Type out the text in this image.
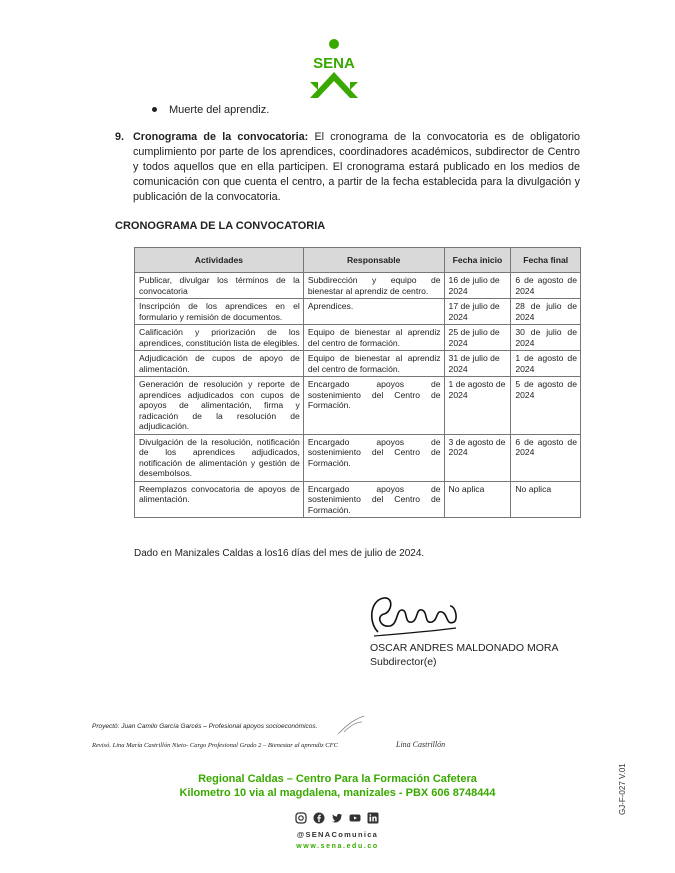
SENA
Muerte del aprendiz.
9. Cronograma de la convocatoria: El cronograma de la convocatoria es de obligatorio cumplimiento por parte de los aprendices, coordinadores académicos, subdirector de Centro y todos aquellos que en ella participen. El cronograma estará publicado en los medios de comunicación con que cuenta el centro, a partir de la fecha establecida para la divulgación y publicación de la convocatoria.
CRONOGRAMA DE LA CONVOCATORIA
Actividades	Responsable	Fecha inicio	Fecha final
Publicar, divulgar los términos de la convocatoria	Subdirección y equipo de bienestar al aprendiz de centro.	16 de julio de 2024	6 de agosto de 2024
Inscripción de los aprendices en el formulario y remisión de documentos.	Aprendices.	17 de julio de 2024	28 de julio de 2024
Calificación y priorización de los aprendices, constitución lista de elegibles.	Equipo de bienestar al aprendiz del centro de formación.	25 de julio de 2024	30 de julio de 2024
Adjudicación de cupos de apoyo de alimentación.	Equipo de bienestar al aprendiz del centro de formación.	31 de julio de 2024	1 de agosto de 2024
Generación de resolución y reporte de aprendices adjudicados con cupos de apoyos de alimentación, firma y radicación de la resolución de adjudicación.	Encargado apoyos de sostenimiento del Centro de Formación.	1 de agosto de 2024	5 de agosto de 2024
Divulgación de la resolución, notificación de los aprendices adjudicados, notificación de alimentación y gestión de desembolsos.	Encargado apoyos de sostenimiento del Centro de Formación.	3 de agosto de 2024	6 de agosto de 2024
Reemplazos convocatoria de apoyos de alimentación.	Encargado apoyos de sostenimiento del Centro de Formación.	No aplica	No aplica
Dado en Manizales Caldas a los16 días del mes de julio de 2024.
OSCAR ANDRES MALDONADO MORA
Subdirector(e)
Proyectó: Juan Camilo García Garcés – Profesional apoyos socioeconómicos.
Revisó. Lina María Castrillón Nieto- Cargo Profesional Grado 2 – Bienestar al aprendiz CFC	Lina Castrillón
Regional Caldas – Centro Para la Formación Cafetera
Kilometro 10 via al magdalena, manizales - PBX 606 8748444
@SENAComunica
www.sena.edu.co
GJ-F-027 V.01
